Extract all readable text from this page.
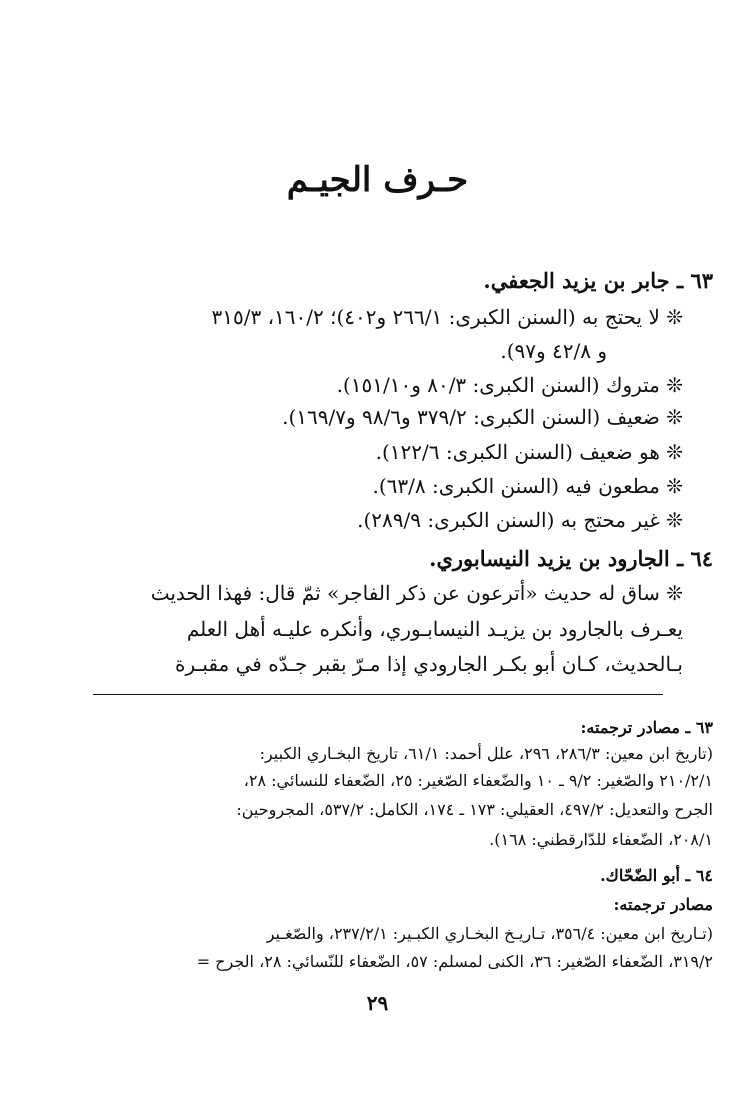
حـرف الجيـم
٦٣ ـ جابر بن يزيد الجعفي.
❊ لا يحتج به (السنن الكبرى: ٢٦٦/١ و٤٠٢)؛ ١٦٠/٢، ٣١٥/٣
و ٤٢/٨ و٩٧).
❊ متروك (السنن الكبرى: ٨٠/٣ و١٥١/١٠).
❊ ضعيف (السنن الكبرى: ٣٧٩/٢ و٩٨/٦ و١٦٩/٧).
❊ هو ضعيف (السنن الكبرى: ١٢٢/٦).
❊ مطعون فيه (السنن الكبرى: ٦٣/٨).
❊ غير محتج به (السنن الكبرى: ٢٨٩/٩).
٦٤ ـ الجارود بن يزيد النيسابوري.
❊ ساق له حديث «أترعون عن ذكر الفاجر» ثمّ قال: فهذا الحديث
يعـرف بالجارود بن يزيـد النيسابـوري، وأنكره عليـه أهل العلم
بـالحديث، كـان أبو بكـر الجارودي إذا مـرّ بقبر جـدّه في مقبـرة
٦٣ ـ مصادر ترجمته:
(تاريخ ابن معين: ٢٨٦/٣، ٢٩٦، علل أحمد: ٦١/١، تاريخ البخـاري الكبير:
٢١٠/٢/١ والصّغير: ٩/٢ ـ ١٠ والضّعفاء الصّغير: ٢٥، الضّعفاء للنسائي: ٢٨،
الجرح والتعديل: ٤٩٧/٢، العقيلي: ١٧٣ ـ ١٧٤، الكامل: ٥٣٧/٢، المجروحين:
٢٠٨/١، الضّعفاء للدّارقطني: ١٦٨).
٦٤ ـ أبو الضّحّاك.
مصادر ترجمته:
(تـاريخ ابن معين: ٣٥٦/٤، تـاريـخ البخـاري الكبـير: ٢٣٧/٢/١، والصّغـير
٣١٩/٢، الضّعفاء الصّغير: ٣٦، الكنى لمسلم: ٥٧، الضّعفاء للنّسائي: ٢٨، الجرح =
٢٩
